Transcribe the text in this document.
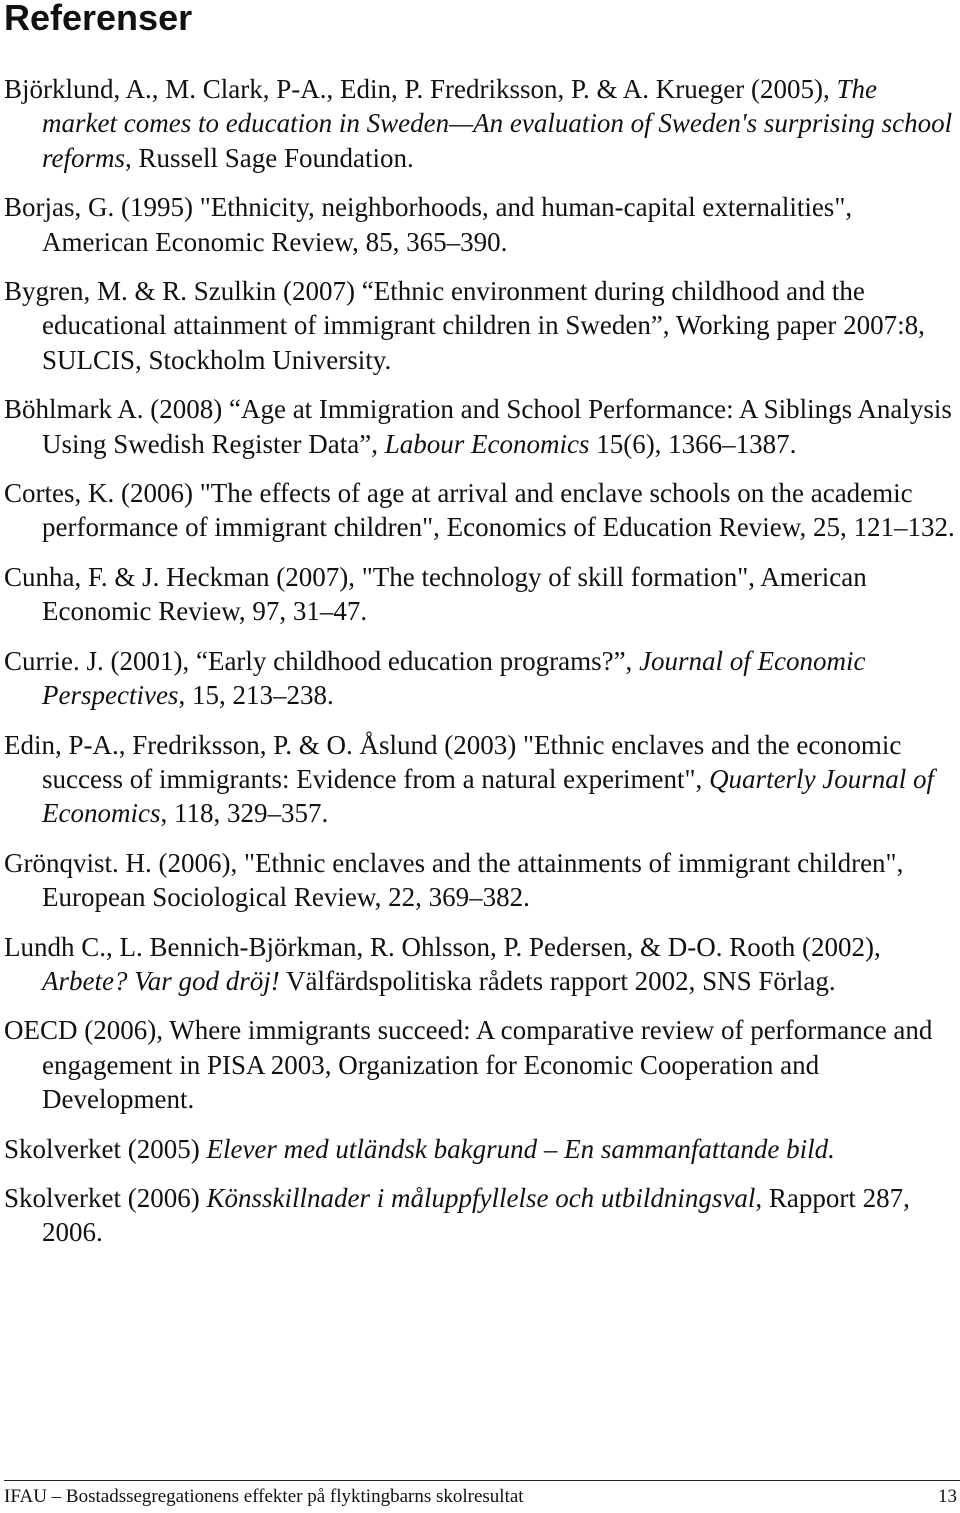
Referenser

Björklund, A., M. Clark, P-A., Edin, P. Fredriksson, P. & A. Krueger (2005), The market comes to education in Sweden—An evaluation of Sweden's surprising school reforms, Russell Sage Foundation.

Borjas, G. (1995) "Ethnicity, neighborhoods, and human-capital externalities", American Economic Review, 85, 365–390.

Bygren, M. & R. Szulkin (2007) “Ethnic environment during childhood and the educational attainment of immigrant children in Sweden”, Working paper 2007:8, SULCIS, Stockholm University.

Böhlmark A. (2008) “Age at Immigration and School Performance: A Siblings Analysis Using Swedish Register Data”, Labour Economics 15(6), 1366–1387.

Cortes, K. (2006) "The effects of age at arrival and enclave schools on the academic performance of immigrant children", Economics of Education Review, 25, 121–132.

Cunha, F. & J. Heckman (2007), "The technology of skill formation", American Economic Review, 97, 31–47.

Currie. J. (2001), “Early childhood education programs?”, Journal of Economic Perspectives, 15, 213–238.

Edin, P-A., Fredriksson, P. & O. Åslund (2003) "Ethnic enclaves and the economic success of immigrants: Evidence from a natural experiment", Quarterly Journal of Economics, 118, 329–357.

Grönqvist. H. (2006), "Ethnic enclaves and the attainments of immigrant children", European Sociological Review, 22, 369–382.

Lundh C., L. Bennich-Björkman, R. Ohlsson, P. Pedersen, & D-O. Rooth (2002), Arbete? Var god dröj! Välfärdspolitiska rådets rapport 2002, SNS Förlag.

OECD (2006), Where immigrants succeed: A comparative review of performance and engagement in PISA 2003, Organization for Economic Cooperation and Development.

Skolverket (2005) Elever med utländsk bakgrund – En sammanfattande bild.

Skolverket (2006) Könsskillnader i måluppfyllelse och utbildningsval, Rapport 287, 2006.

IFAU – Bostadssegregationens effekter på flyktingbarns skolresultat	13
